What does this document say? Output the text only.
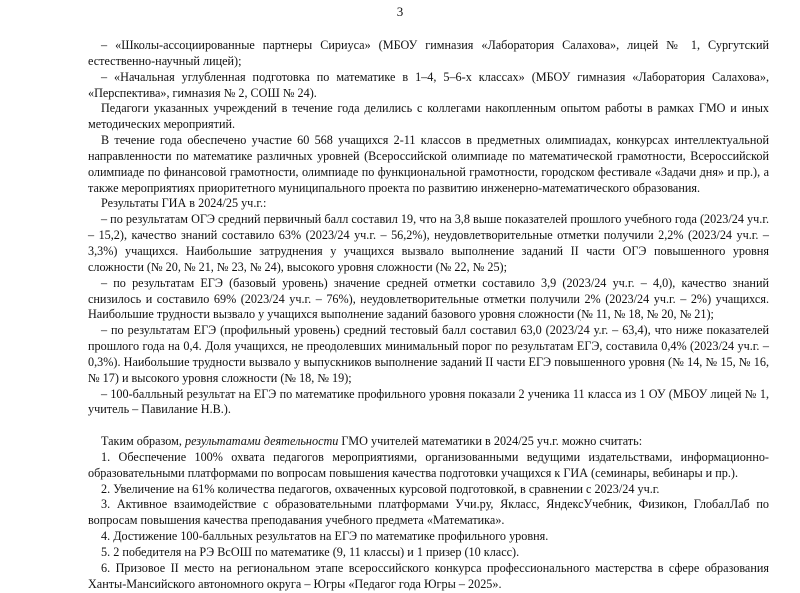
3

– «Школы-ассоциированные партнеры Сириуса» (МБОУ гимназия «Лаборатория Салахова», лицей № 1, Сургутский естественно-научный лицей);

– «Начальная углубленная подготовка по математике в 1–4, 5–6-х классах» (МБОУ гимназия «Лаборатория Салахова», «Перспектива», гимназия № 2, СОШ № 24).

Педагоги указанных учреждений в течение года делились с коллегами накопленным опытом работы в рамках ГМО и иных методических мероприятий.

В течение года обеспечено участие 60 568 учащихся 2-11 классов в предметных олимпиадах, конкурсах интеллектуальной направленности по математике различных уровней (Всероссийской олимпиаде по математической грамотности, Всероссийской олимпиаде по финансовой грамотности, олимпиаде по функциональной грамотности, городском фестивале «Задачи дня» и пр.), а также мероприятиях приоритетного муниципального проекта по развитию инженерно-математического образования.

Результаты ГИА в 2024/25 уч.г.:

– по результатам ОГЭ средний первичный балл составил 19, что на 3,8 выше показателей прошлого учебного года (2023/24 уч.г. – 15,2), качество знаний составило 63% (2023/24 уч.г. – 56,2%), неудовлетворительные отметки получили 2,2% (2023/24 уч.г. – 3,3%) учащихся. Наибольшие затруднения у учащихся вызвало выполнение заданий II части ОГЭ повышенного уровня сложности (№ 20, № 21, № 23, № 24), высокого уровня сложности (№ 22, № 25);

– по результатам ЕГЭ (базовый уровень) значение средней отметки составило 3,9 (2023/24 уч.г. – 4,0), качество знаний снизилось и составило 69% (2023/24 уч.г. – 76%), неудовлетворительные отметки получили 2% (2023/24 уч.г. – 2%) учащихся. Наибольшие трудности вызвало у учащихся выполнение заданий базового уровня сложности (№ 11, № 18, № 20, № 21);

– по результатам ЕГЭ (профильный уровень) средний тестовый балл составил 63,0 (2023/24 у.г. – 63,4), что ниже показателей прошлого года на 0,4. Доля учащихся, не преодолевших минимальный порог по результатам ЕГЭ, составила 0,4% (2023/24 уч.г. – 0,3%). Наибольшие трудности вызвало у выпускников выполнение заданий II части ЕГЭ повышенного уровня (№ 14, № 15, № 16, № 17) и высокого уровня сложности (№ 18, № 19);

– 100-балльный результат на ЕГЭ по математике профильного уровня показали 2 ученика 11 класса из 1 ОУ (МБОУ лицей № 1, учитель – Павилание Н.В.).

Таким образом, результатами деятельности ГМО учителей математики в 2024/25 уч.г. можно считать:

1. Обеспечение 100% охвата педагогов мероприятиями, организованными ведущими издательствами, информационно-образовательными платформами по вопросам повышения качества подготовки учащихся к ГИА (семинары, вебинары и пр.).

2. Увеличение на 61% количества педагогов, охваченных курсовой подготовкой, в сравнении с 2023/24 уч.г.

3. Активное взаимодействие с образовательными платформами Учи.ру, Якласс, ЯндексУчебник, Физикон, ГлобалЛаб по вопросам повышения качества преподавания учебного предмета «Математика».

4. Достижение 100-балльных результатов на ЕГЭ по математике профильного уровня.

5. 2 победителя на РЭ ВсОШ по математике (9, 11 классы) и 1 призер (10 класс).

6. Призовое II место на региональном этапе всероссийского конкурса профессионального мастерства в сфере образования Ханты-Мансийского автономного округа – Югры «Педагог года Югры – 2025».
